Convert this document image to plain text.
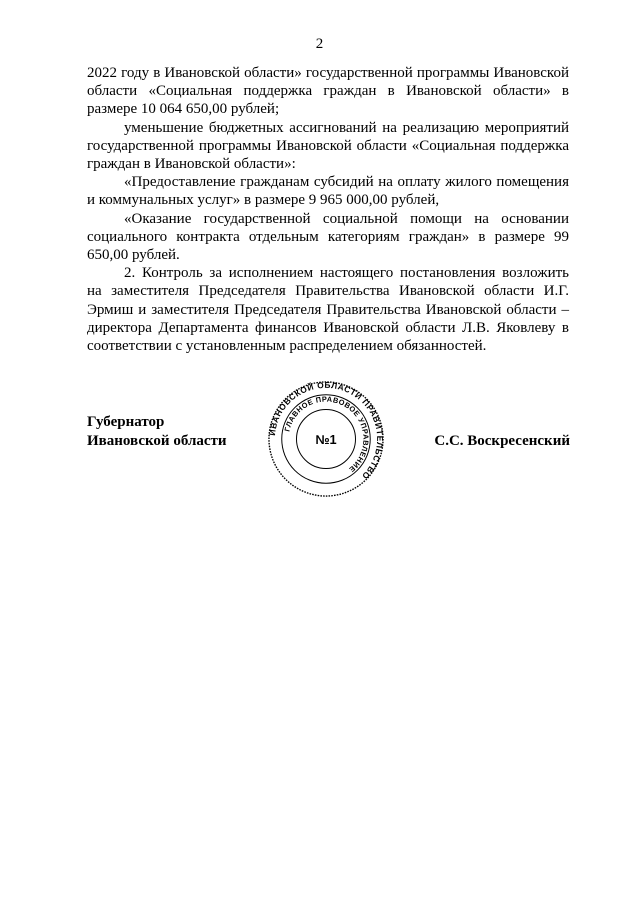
2

2022 году в Ивановской области» государственной программы Ивановской области «Социальная поддержка граждан в Ивановской области» в размере 10 064 650,00 рублей;

уменьшение бюджетных ассигнований на реализацию мероприятий государственной программы Ивановской области «Социальная поддержка граждан в Ивановской области»:

«Предоставление гражданам субсидий на оплату жилого помещения и коммунальных услуг» в размере 9 965 000,00 рублей,

«Оказание государственной социальной помощи на основании социального контракта отдельным категориям граждан» в размере 99 650,00 рублей.

2. Контроль за исполнением настоящего постановления возложить на заместителя Председателя Правительства Ивановской области И.Г. Эрмиш и заместителя Председателя Правительства Ивановской области – директора Департамента финансов Ивановской области Л.В. Яковлеву в соответствии с установленным распределением обязанностей.

Губернатор
Ивановской области
ИВАНОВСКОЙ ОБЛАСТИ ПРАВИТЕЛЬСТВО
ГЛАВНОЕ ПРАВОВОЕ УПРАВЛЕНИЕ
№1	С.С. Воскресенский
